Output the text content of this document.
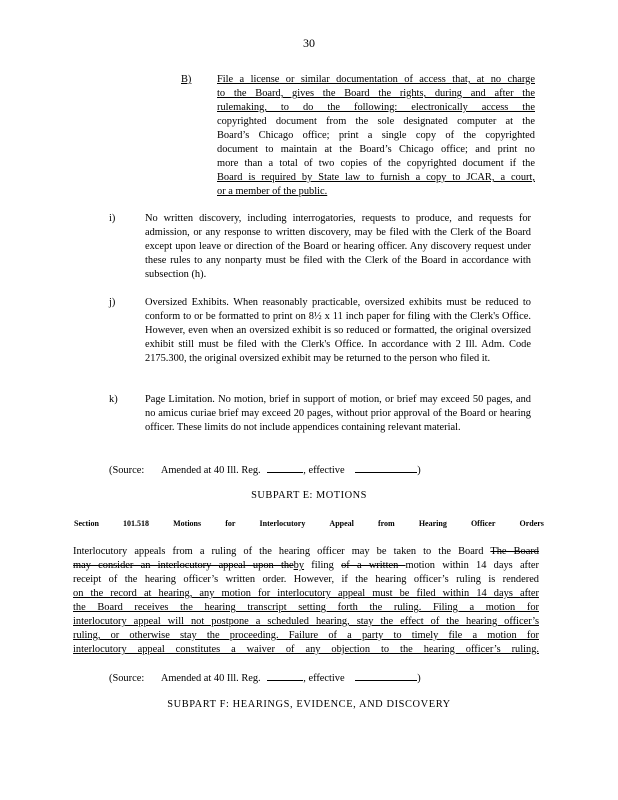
30
B) File a license or similar documentation of access that, at no charge

to the Board, gives the Board the rights, during and after the

rulemaking, to do the following: electronically access the

copyrighted document from the sole designated computer at the

Board’s Chicago office; print a single copy of the copyrighted

document to maintain at the Board’s Chicago office; and print no

more than a total of two copies of the copyrighted document if the

Board is required by State law to furnish a copy to JCAR, a court,

or a member of the public.

i)	No written discovery, including interrogatories, requests to produce, and requests for admission, or any response to written discovery, may be filed with the Clerk of the Board except upon leave or direction of the Board or hearing officer. Any discovery request under these rules to any nonparty must be filed with the Clerk of the Board in accordance with subsection (h).
j)	Oversized Exhibits. When reasonably practicable, oversized exhibits must be reduced to conform to or be formatted to print on 8½ x 11 inch paper for filing with the Clerk's Office. However, even when an oversized exhibit is so reduced or formatted, the original oversized exhibit still must be filed with the Clerk's Office. In accordance with 2 Ill. Adm. Code 2175.300, the original oversized exhibit may be returned to the person who filed it.
k)	Page Limitation. No motion, brief in support of motion, or brief may exceed 50 pages, and no amicus curiae brief may exceed 20 pages, without prior approval of the Board or hearing officer. These limits do not include appendices containing relevant material.
(Source: Amended at 40 Ill. Reg.	, effective	)
SUBPART E: MOTIONS
Section	101.518	Motions	for	Interlocutory	Appeal	from	Hearing	Officer	Orders

Interlocutory appeals from a ruling of the hearing officer may be taken to the Board The Board

may consider an interlocutory appeal upon theby filing of a written motion within 14 days after

receipt of the hearing officer’s written order. However, if the hearing officer’s ruling is rendered

on the record at hearing, any motion for interlocutory appeal must be filed within 14 days after

the Board receives the hearing transcript setting forth the ruling. Filing a motion for

interlocutory appeal will not postpone a scheduled hearing, stay the effect of the hearing officer’s

ruling, or otherwise stay the proceeding. Failure of a party to timely file a motion for

interlocutory appeal constitutes a waiver of any objection to the hearing officer’s ruling.

(Source: Amended at 40 Ill. Reg.	, effective	)
SUBPART F: HEARINGS, EVIDENCE, AND DISCOVERY
